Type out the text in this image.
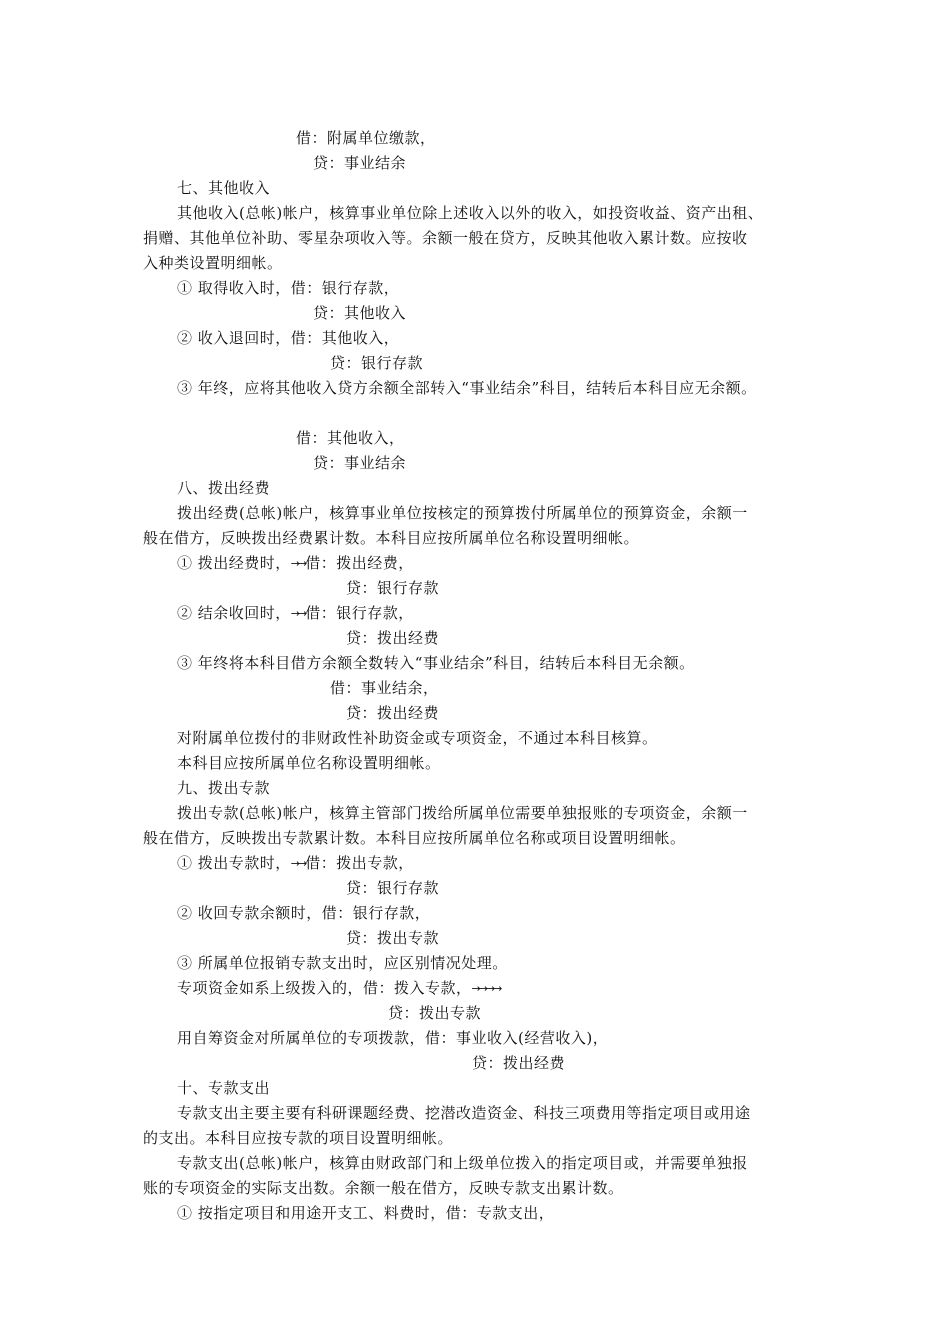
借：附属单位缴款，
贷：事业结余
七、其他收入
其他收入(总帐)帐户，核算事业单位除上述收入以外的收入，如投资收益、资产出租、
捐赠、其他单位补助、零星杂项收入等。余额一般在贷方，反映其他收入累计数。应按收
入种类设置明细帐。
① 取得收入时，借：银行存款，
贷：其他收入
② 收入退回时，借：其他收入，
贷：银行存款
③ 年终，应将其他收入贷方余额全部转入“事业结余”科目，结转后本科目应无余额。
借：其他收入，
贷：事业结余
八、拨出经费
拨出经费(总帐)帐户，核算事业单位按核定的预算拨付所属单位的预算资金，余额一
般在借方，反映拨出经费累计数。本科目应按所属单位名称设置明细帐。
① 拨出经费时，→→借：拨出经费，
贷：银行存款
② 结余收回时，→→借：银行存款，
贷：拨出经费
③ 年终将本科目借方余额全数转入“事业结余”科目，结转后本科目无余额。
借：事业结余，
贷：拨出经费
对附属单位拨付的非财政性补助资金或专项资金，不通过本科目核算。
本科目应按所属单位名称设置明细帐。
九、拨出专款
拨出专款(总帐)帐户，核算主管部门拨给所属单位需要单独报账的专项资金，余额一
般在借方，反映拨出专款累计数。本科目应按所属单位名称或项目设置明细帐。
① 拨出专款时，→→借：拨出专款，
贷：银行存款
② 收回专款余额时，借：银行存款，
贷：拨出专款
③ 所属单位报销专款支出时，应区别情况处理。
专项资金如系上级拨入的，借：拨入专款，→→→→
贷：拨出专款
用自筹资金对所属单位的专项拨款，借：事业收入(经营收入)，
贷：拨出经费
十、专款支出
专款支出主要主要有科研课题经费、挖潜改造资金、科技三项费用等指定项目或用途
的支出。本科目应按专款的项目设置明细帐。
专款支出(总帐)帐户，核算由财政部门和上级单位拨入的指定项目或，并需要单独报
账的专项资金的实际支出数。余额一般在借方，反映专款支出累计数。
① 按指定项目和用途开支工、料费时，借：专款支出，
